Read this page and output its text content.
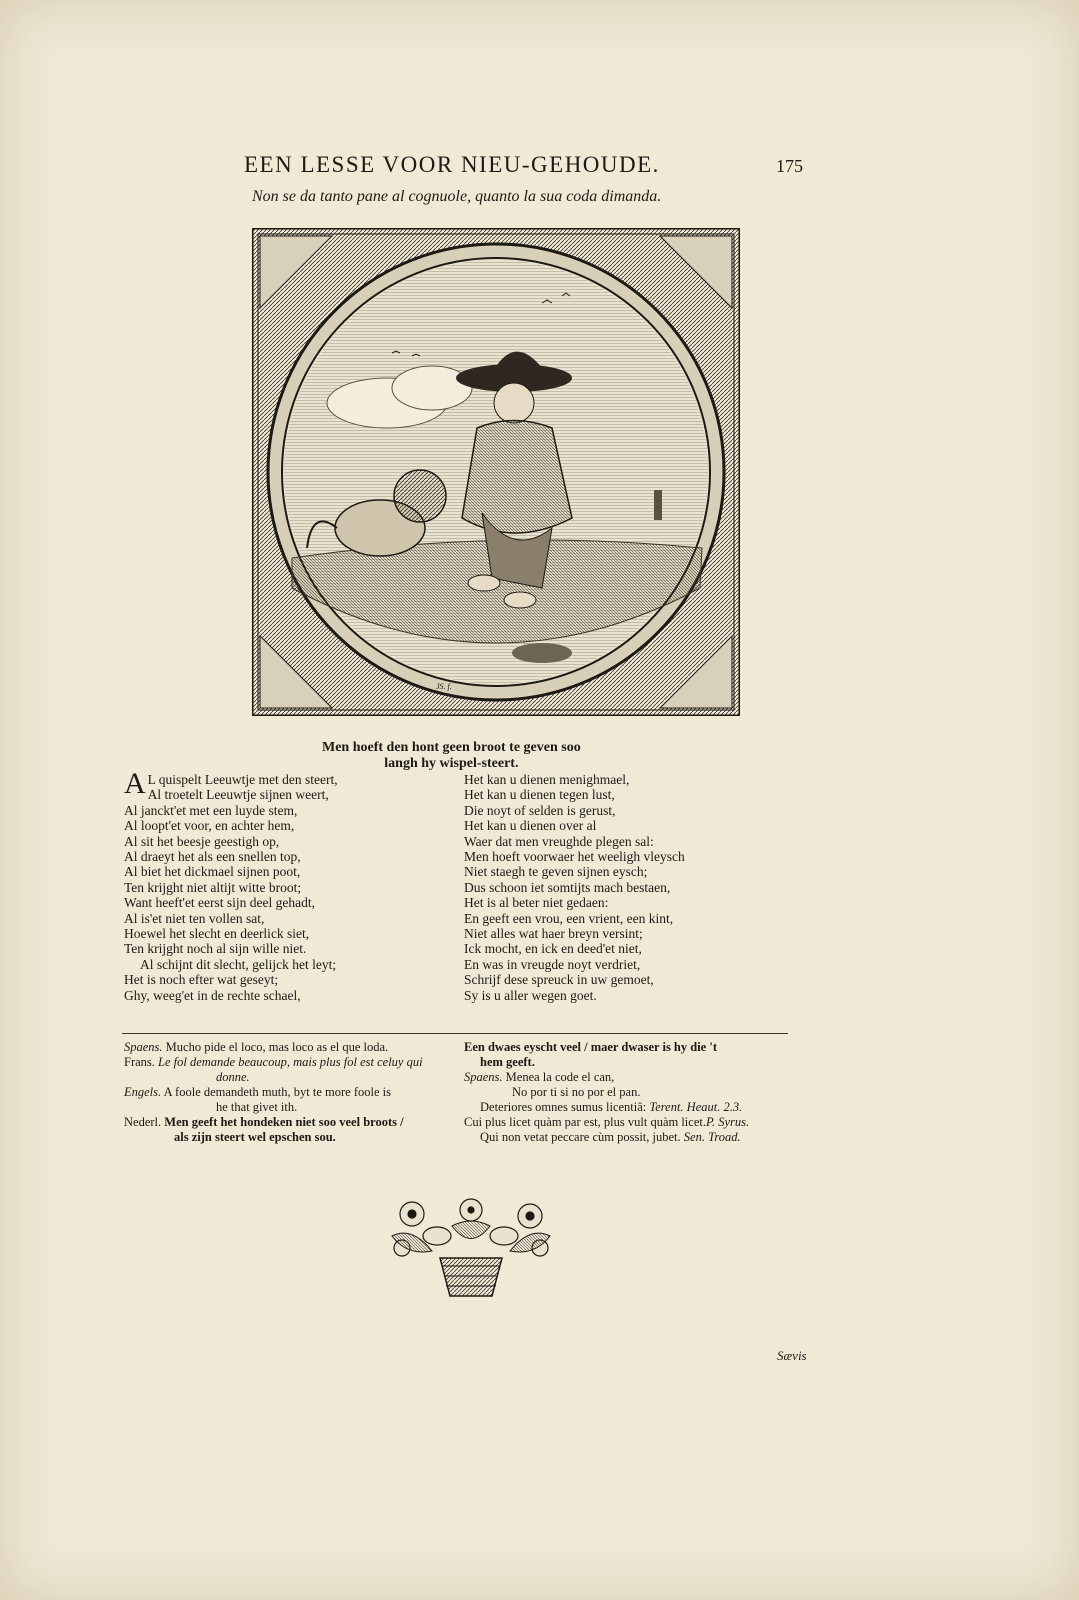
EEN LESSE VOOR NIEU-GEHOUDE.	175
Non se da tanto pane al cognuole, quanto la sua coda dimanda.
JS. f.
Men hoeft den hont geen broot te geven soo
langh hy wispel-steert.
A L quispelt Leeuwtje met den steert,
Al troetelt Leeuwtje sijnen weert,
Al janckt'et met een luyde stem,
Al loopt'et voor, en achter hem,
Al sit het beesje geestigh op,
Al draeyt het als een snellen top,
Al biet het dickmael sijnen poot,
Ten krijght niet altijt witte broot;
Want heeft'et eerst sijn deel gehadt,
Al is'et niet ten vollen sat,
Hoewel het slecht en deerlick siet,
Ten krijght noch al sijn wille niet.
Al schijnt dit slecht, gelijck het leyt;
Het is noch efter wat geseyt;
Ghy, weeg'et in de rechte schael,
Het kan u dienen menighmael,
Het kan u dienen tegen lust,
Die noyt of selden is gerust,
Het kan u dienen over al
Waer dat men vreughde plegen sal:
Men hoeft voorwaer het weeligh vleysch
Niet staegh te geven sijnen eysch;
Dus schoon iet somtijts mach bestaen,
Het is al beter niet gedaen:
En geeft een vrou, een vrient, een kint,
Niet alles wat haer breyn versint;
Ick mocht, en ick en deed'et niet,
En was in vreugde noyt verdriet,
Schrijf dese spreuck in uw gemoet,
Sy is u aller wegen goet.
Spaens. Mucho pide el loco, mas loco as el que loda.
Frans. Le fol demande beaucoup, mais plus fol est celuy qui
donne.
Engels. A foole demandeth muth, byt te more foole is
he that givet ith.
Nederl. Men geeft het hondeken niet soo veel broots /
als zijn steert wel epschen sou.
Een dwaes eyscht veel / maer dwaser is hy die 't
hem geeft.
Spaens. Menea la code el can,
No por ti si no por el pan.
Deteriores omnes sumus licentiâ: Terent. Heaut. 2.3.
Cui plus licet quàm par est, plus vult quàm licet.P. Syrus.
Qui non vetat peccare cùm possit, jubet. Sen. Troad.
Sævis
